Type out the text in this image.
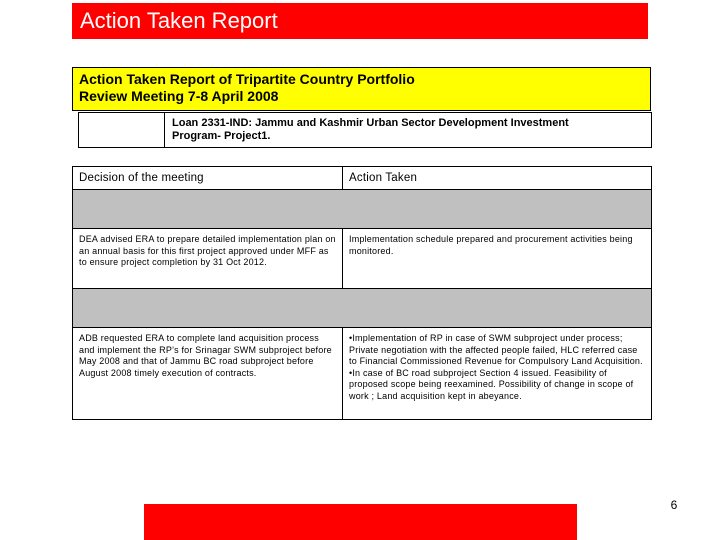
Action Taken Report
Action Taken Report of Tripartite Country Portfolio
Review Meeting 7-8 April 2008
Loan 2331-IND: Jammu and Kashmir Urban Sector Development Investment
Program- Project1.
Decision of the meeting	Action Taken
DEA advised ERA to prepare detailed implementation plan on an annual basis for this first project approved under MFF as to ensure project completion by 31 Oct 2012.
Implementation schedule prepared and procurement activities being monitored.
ADB requested ERA to complete land acquisition process and implement the RP’s for Srinagar SWM subproject before May 2008 and that of Jammu BC road subproject before August 2008 timely execution of contracts.
•Implementation of RP in case of SWM subproject under process; Private negotiation with the affected people failed, HLC referred case to Financial Commissioned Revenue for Compulsory Land Acquisition.
•In case of BC road subproject Section 4 issued. Feasibility of proposed scope being reexamined. Possibility of change in scope of work ; Land acquisition kept in abeyance.
6
